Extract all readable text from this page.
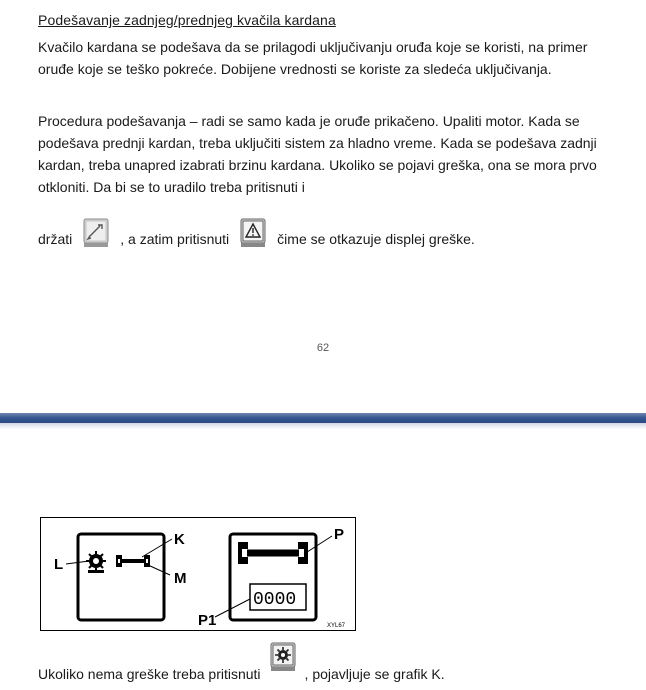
Podešavanje zadnjeg/prednjeg kvačila kardana

Kvačilo kardana se podešava da se prilagodi uključivanju oruđa koje se koristi, na primer oruđe koje se teško pokreće. Dobijene vrednosti se koriste za sledeća uključivanja.

Procedura podešavanja – radi se samo kada je oruđe prikačeno. Upaliti motor. Kada se podešava prednji kardan, treba uključiti sistem za hladno vreme. Kada se podešava zadnji kardan, treba unapred izabrati brzinu kardana. Ukoliko se pojavi greška, ona se mora prvo otkloniti. Da bi se to uradilo treba pritisnuti i

držati	, a zatim pritisnuti	čime se otkazuje displej greške.
62
L
K
M
P
P1
0000
XYL67
Ukoliko nema greške treba pritisnuti	, pojavljuje se grafik K.
